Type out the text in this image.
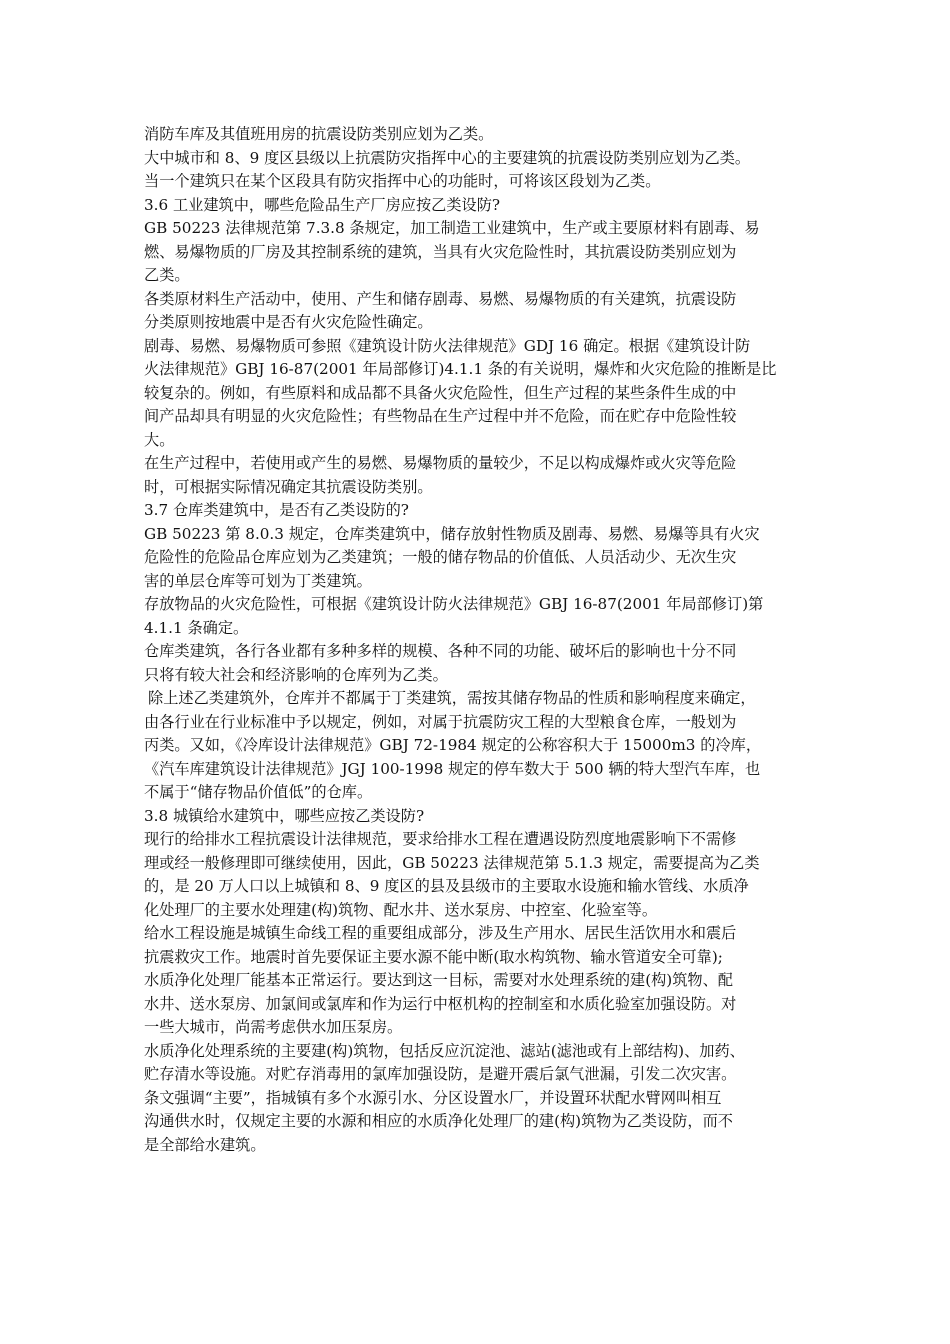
消防车库及其值班用房的抗震设防类别应划为乙类。
大中城市和 8、9 度区县级以上抗震防灾指挥中心的主要建筑的抗震设防类别应划为乙类。
当一个建筑只在某个区段具有防灾指挥中心的功能时，可将该区段划为乙类。
3.6 工业建筑中，哪些危险品生产厂房应按乙类设防?
GB 50223 法律规范第 7.3.8 条规定，加工制造工业建筑中，生产或主要原材料有剧毒、易
燃、易爆物质的厂房及其控制系统的建筑，当具有火灾危险性时，其抗震设防类别应划为
乙类。
各类原材料生产活动中，使用、产生和储存剧毒、易燃、易爆物质的有关建筑，抗震设防
分类原则按地震中是否有火灾危险性确定。
剧毒、易燃、易爆物质可参照《建筑设计防火法律规范》GDJ 16 确定。根据《建筑设计防
火法律规范》GBJ 16-87(2001 年局部修订)4.1.1 条的有关说明，爆炸和火灾危险的推断是比
较复杂的。例如，有些原料和成品都不具备火灾危险性，但生产过程的某些条件生成的中
间产品却具有明显的火灾危险性；有些物品在生产过程中并不危险，而在贮存中危险性较
大。
在生产过程中，若使用或产生的易燃、易爆物质的量较少，不足以构成爆炸或火灾等危险
时，可根据实际情况确定其抗震设防类别。
3.7 仓库类建筑中，是否有乙类设防的?
GB 50223 第 8.0.3 规定，仓库类建筑中，储存放射性物质及剧毒、易燃、易爆等具有火灾
危险性的危险品仓库应划为乙类建筑；一般的储存物品的价值低、人员活动少、无次生灾
害的单层仓库等可划为丁类建筑。
存放物品的火灾危险性，可根据《建筑设计防火法律规范》GBJ 16-87(2001 年局部修订)第
4.1.1 条确定。
仓库类建筑，各行各业都有多种多样的规模、各种不同的功能、破坏后的影响也十分不同
只将有较大社会和经济影响的仓库列为乙类。
除上述乙类建筑外，仓库并不都属于丁类建筑，需按其储存物品的性质和影响程度来确定，
由各行业在行业标准中予以规定，例如，对属于抗震防灾工程的大型粮食仓库，一般划为
丙类。又如，《冷库设计法律规范》GBJ 72-1984 规定的公称容积大于 15000m3 的冷库，
《汽车库建筑设计法律规范》JGJ 100-1998 规定的停车数大于 500 辆的特大型汽车库，也
不属于“储存物品价值低”的仓库。
3.8 城镇给水建筑中，哪些应按乙类设防?
现行的给排水工程抗震设计法律规范，要求给排水工程在遭遇设防烈度地震影响下不需修
理或经一般修理即可继续使用，因此，GB 50223 法律规范第 5.1.3 规定，需要提高为乙类
的，是 20 万人口以上城镇和 8、9 度区的县及县级市的主要取水设施和输水管线、水质净
化处理厂的主要水处理建(构)筑物、配水井、送水泵房、中控室、化验室等。
给水工程设施是城镇生命线工程的重要组成部分，涉及生产用水、居民生活饮用水和震后
抗震救灾工作。地震时首先要保证主要水源不能中断(取水构筑物、输水管道安全可靠);
水质净化处理厂能基本正常运行。要达到这一目标，需要对水处理系统的建(构)筑物、配
水井、送水泵房、加氯间或氯库和作为运行中枢机构的控制室和水质化验室加强设防。对
一些大城市，尚需考虑供水加压泵房。
水质净化处理系统的主要建(构)筑物，包括反应沉淀池、滤站(滤池或有上部结构)、加药、
贮存清水等设施。对贮存消毒用的氯库加强设防，是避开震后氯气泄漏，引发二次灾害。
条文强调“主要”，指城镇有多个水源引水、分区设置水厂，并设置环状配水臂网叫相互
沟通供水时，仅规定主要的水源和相应的水质净化处理厂的建(构)筑物为乙类设防，而不
是全部给水建筑。
